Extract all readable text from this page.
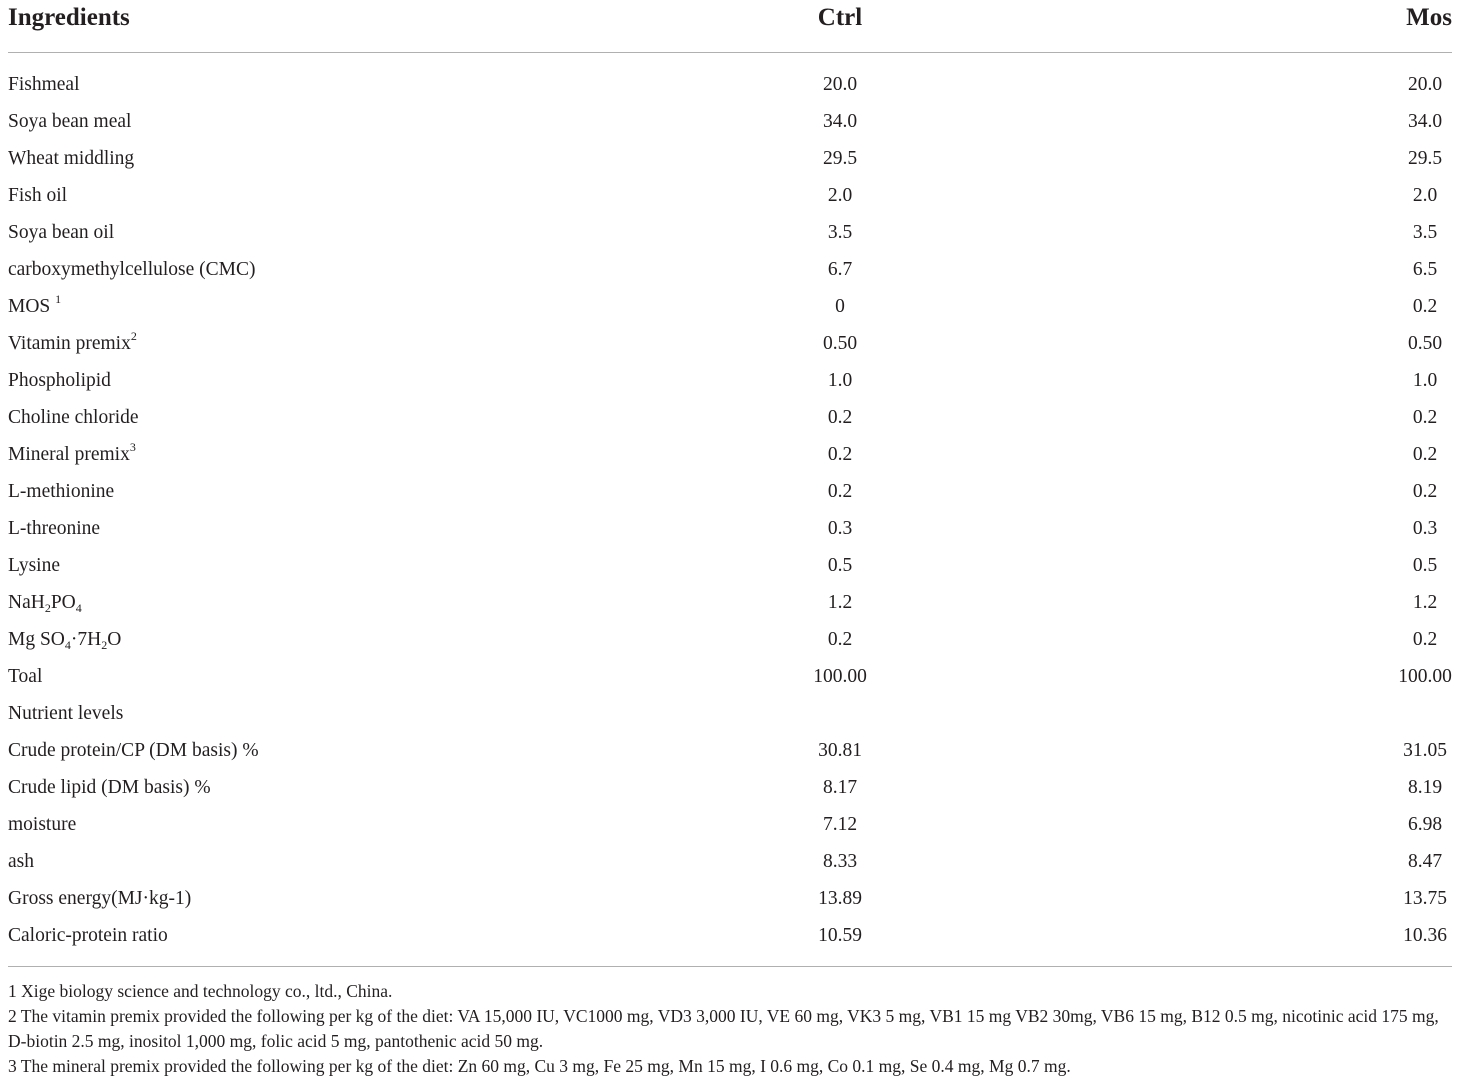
Ingredients	Ctrl	Mos
Fishmeal	20.0	20.0
Soya bean meal	34.0	34.0
Wheat middling	29.5	29.5
Fish oil	2.0	2.0
Soya bean oil	3.5	3.5
carboxymethylcellulose (CMC)	6.7	6.5
MOS $^1$	0	0.2
Vitamin premix$^2$	0.50	0.50
Phospholipid	1.0	1.0
Choline chloride	0.2	0.2
Mineral premix$^3$	0.2	0.2
L-methionine	0.2	0.2
L-threonine	0.3	0.3
Lysine	0.5	0.5
$NaH_2PO_4$	1.2	1.2
Mg $SO_4\cdot 7H_2O$	0.2	0.2
Toal	100.00	100.00
Nutrient levels
Crude protein/CP (DM basis) %	30.81	31.05
Crude lipid (DM basis) %	8.17	8.19
moisture	7.12	6.98
ash	8.33	8.47
Gross energy(MJ·kg-1)	13.89	13.75
Caloric-protein ratio	10.59	10.36

1 Xige biology science and technology co., ltd., China.

2 The vitamin premix provided the following per kg of the diet: VA 15,000 IU, VC1000 mg, VD3 3,000 IU, VE 60 mg, VK3 5 mg, VB1 15 mg VB2 30mg, VB6 15 mg, B12 0.5 mg, nicotinic acid 175 mg, D-biotin 2.5 mg, inositol 1,000 mg, folic acid 5 mg, pantothenic acid 50 mg.

3 The mineral premix provided the following per kg of the diet: Zn 60 mg, Cu 3 mg, Fe 25 mg, Mn 15 mg, I 0.6 mg, Co 0.1 mg, Se 0.4 mg, Mg 0.7 mg.
